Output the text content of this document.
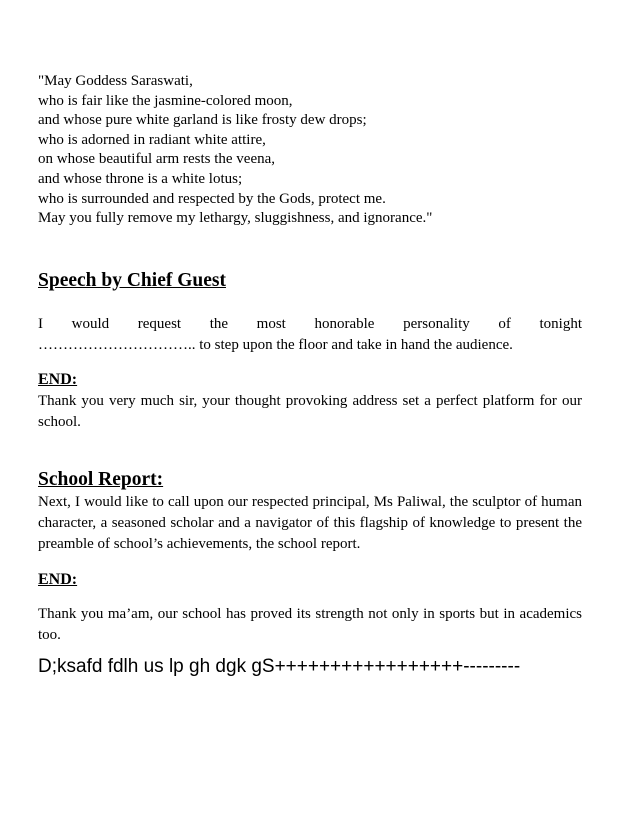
"May Goddess Saraswati,

who is fair like the jasmine-colored moon,

and whose pure white garland is like frosty dew drops;

who is adorned in radiant white attire,

on whose beautiful arm rests the veena,

and whose throne is a white lotus;

who is surrounded and respected by the Gods, protect me.

May you fully remove my lethargy, sluggishness, and ignorance."

Speech by Chief Guest
I would request the most honorable personality of tonight
………………………….. to step upon the floor and take in hand the audience.
END:

Thank you very much sir, your thought provoking address set a perfect platform for our school.

School Report:

Next, I would like to call upon our respected principal, Ms Paliwal, the sculptor of human character, a seasoned scholar and a navigator of this flagship of knowledge to present the preamble of school’s achievements, the school report.

END:

Thank you ma’am, our school has proved its strength not only in sports but in academics too.

D;ksafd fdlh us lp gh dgk gS+++++++++++++++++---------
